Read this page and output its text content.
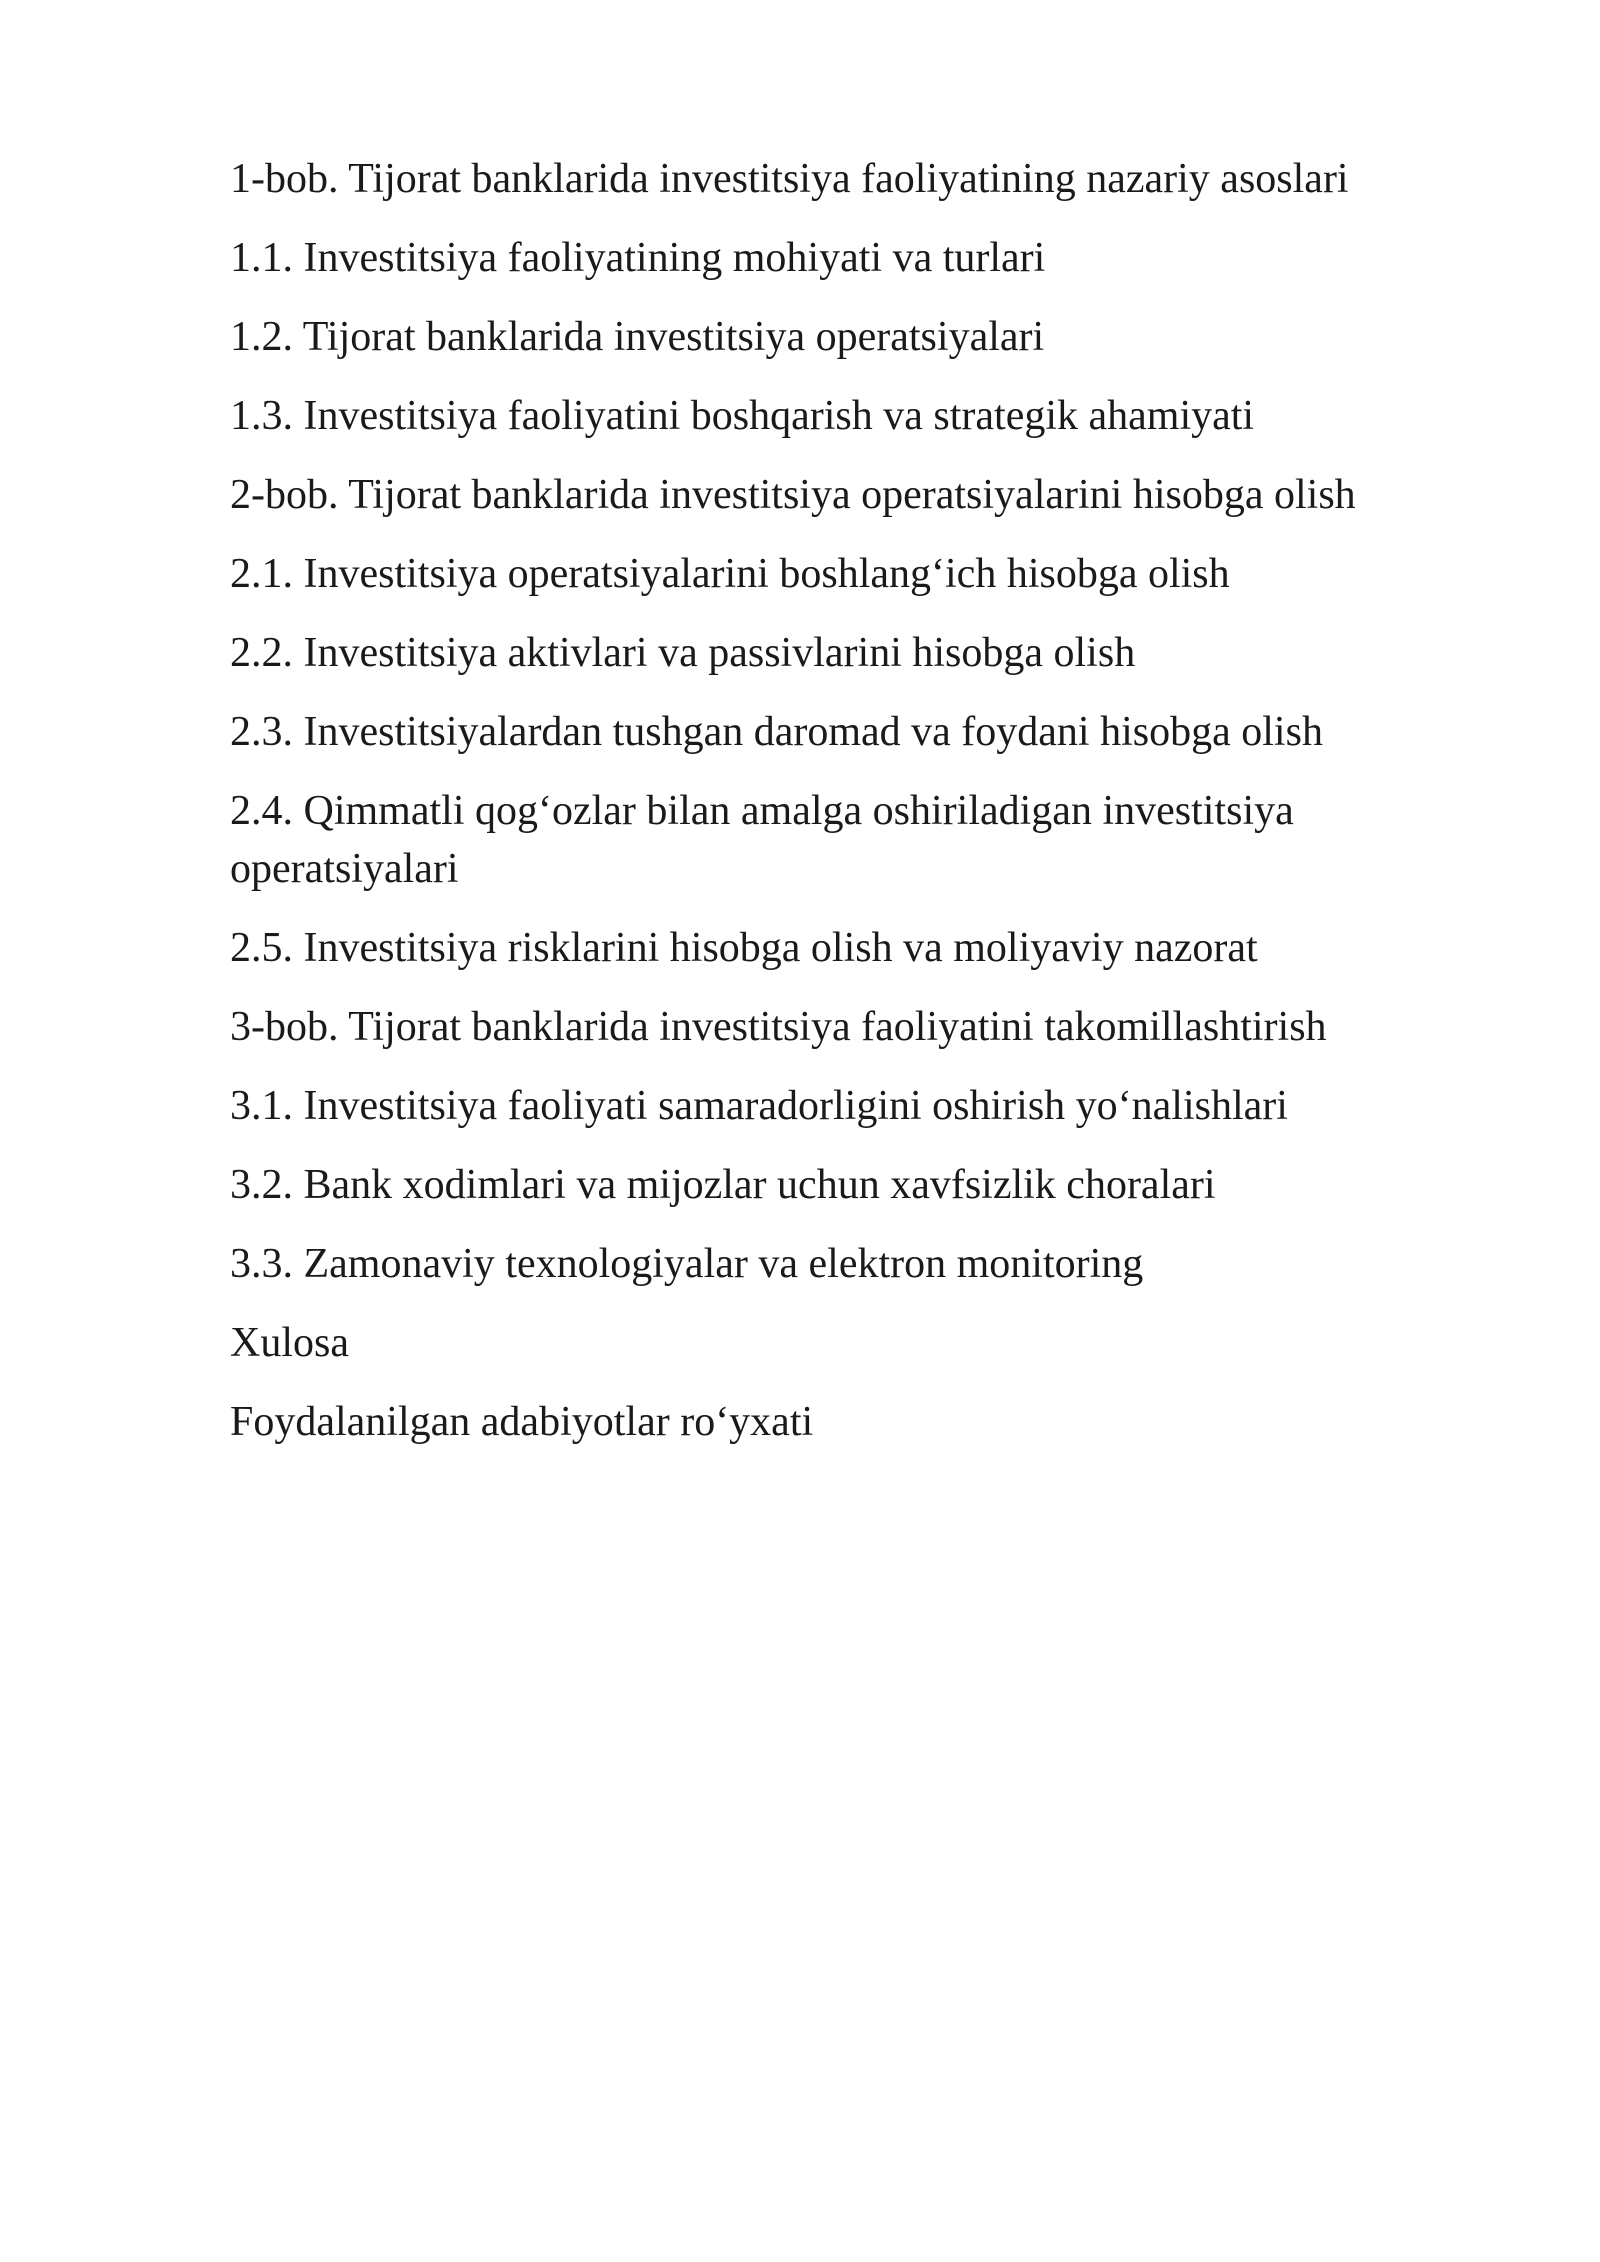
1-bob. Tijorat banklarida investitsiya faoliyatining nazariy asoslari
1.1. Investitsiya faoliyatining mohiyati va turlari
1.2. Tijorat banklarida investitsiya operatsiyalari
1.3. Investitsiya faoliyatini boshqarish va strategik ahamiyati
2-bob. Tijorat banklarida investitsiya operatsiyalarini hisobga olish
2.1. Investitsiya operatsiyalarini boshlang‘ich hisobga olish
2.2. Investitsiya aktivlari va passivlarini hisobga olish
2.3. Investitsiyalardan tushgan daromad va foydani hisobga olish
2.4. Qimmatli qog‘ozlar bilan amalga oshiriladigan investitsiya operatsiyalari
2.5. Investitsiya risklarini hisobga olish va moliyaviy nazorat
3-bob. Tijorat banklarida investitsiya faoliyatini takomillashtirish
3.1. Investitsiya faoliyati samaradorligini oshirish yo‘nalishlari
3.2. Bank xodimlari va mijozlar uchun xavfsizlik choralari
3.3. Zamonaviy texnologiyalar va elektron monitoring
Xulosa
Foydalanilgan adabiyotlar ro‘yxati
